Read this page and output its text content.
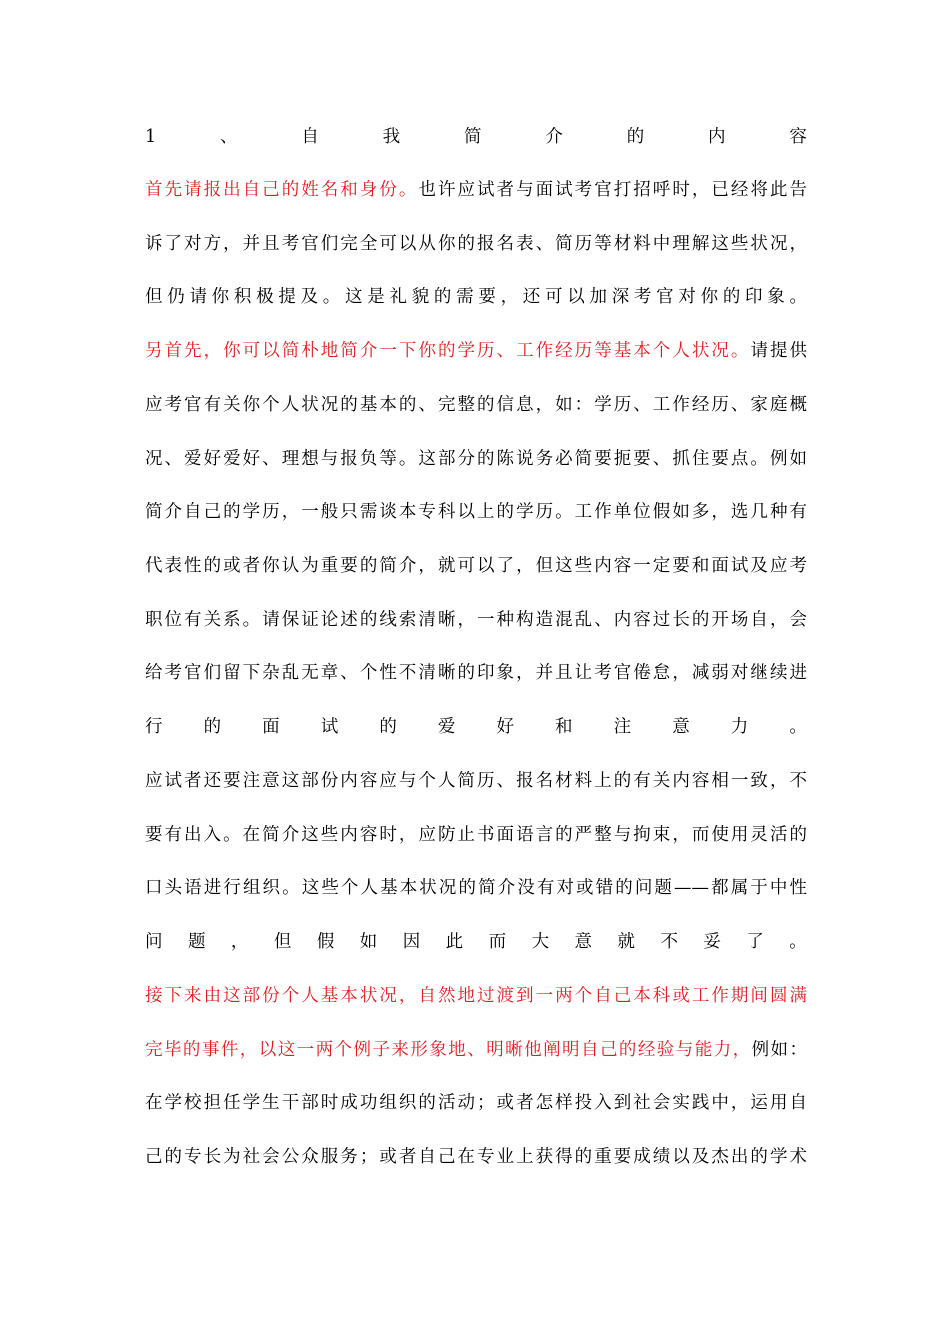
1	、	自	我	简	介	的	内	容
首先请报出自己的姓名和身份。也许应试者与面试考官打招呼时，已经将此告
诉了对方，并且考官们完全可以从你的报名表、简历等材料中理解这些状况，
但仍请你积极提及。这是礼貌的需要，还可以加深考官对你的印象。
另首先，你可以简朴地简介一下你的学历、工作经历等基本个人状况。请提供
应考官有关你个人状况的基本的、完整的信息，如：学历、工作经历、家庭概
况、爱好爱好、理想与报负等。这部分的陈说务必简要扼要、抓住要点。例如
简介自己的学历，一般只需谈本专科以上的学历。工作单位假如多，选几种有
代表性的或者你认为重要的简介，就可以了，但这些内容一定要和面试及应考
职位有关系。请保证论述的线索清晰，一种构造混乱、内容过长的开场自，会
给考官们留下杂乱无章、个性不清晰的印象，并且让考官倦怠，减弱对继续进
行 的 面 试 的 爱 好 和 注 意 力 。
应试者还要注意这部份内容应与个人简历、报名材料上的有关内容相一致，不
要有出入。在简介这些内容时，应防止书面语言的严整与拘束，而使用灵活的
口头语进行组织。这些个人基本状况的简介没有对或错的问题——都属于中性
问 题 ， 但 假 如 因 此 而 大 意 就 不 妥 了 。
接下来由这部份个人基本状况，自然地过渡到一两个自己本科或工作期间圆满
完毕的事件，以这一两个例子来形象地、明晰他阐明自己的经验与能力，例如：
在学校担任学生干部时成功组织的活动；或者怎样投入到社会实践中，运用自
己的专长为社会公众服务；或者自己在专业上获得的重要成绩以及杰出的学术
